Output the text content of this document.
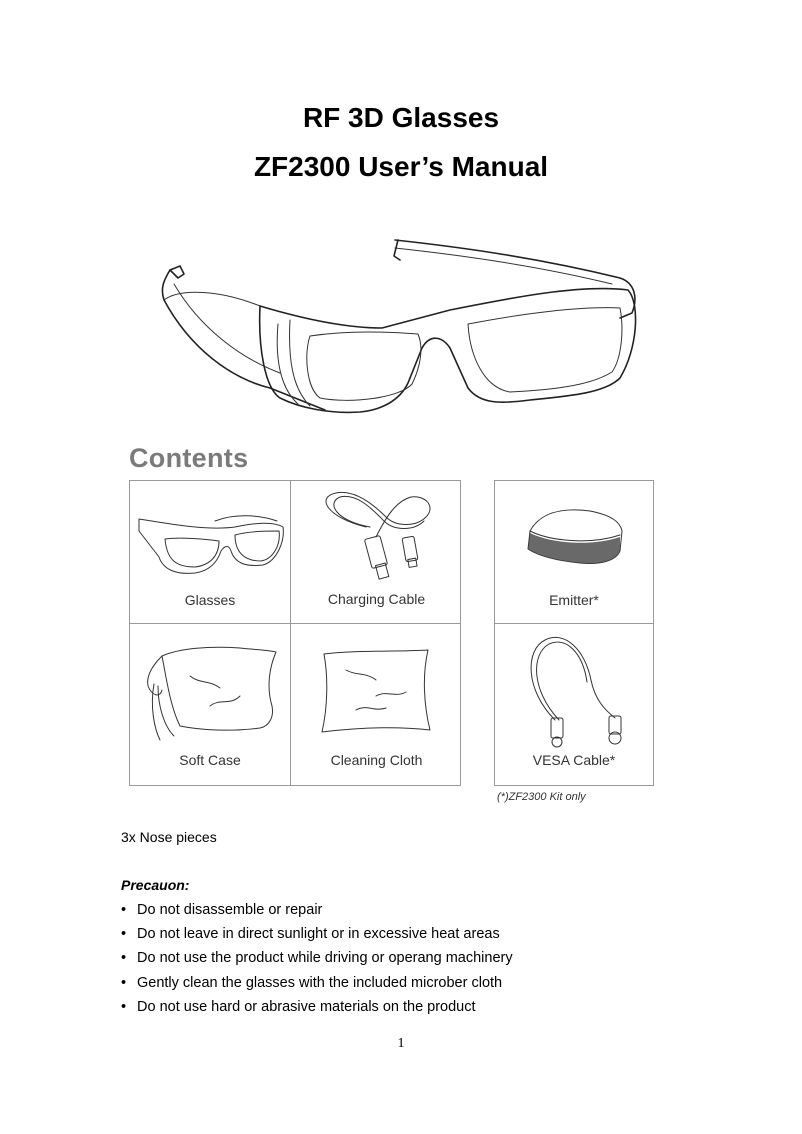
RF 3D Glasses
ZF2300 User’s Manual
Contents
Glasses	Charging Cable
Soft Case	Cleaning Cloth
Emitter*
VESA Cable*
(*)ZF2300 Kit only
3x Nose pieces
Precauon:
• Do not disassemble or repair
• Do not leave in direct sunlight or in excessive heat areas
• Do not use the product while driving or operang machinery
• Gently clean the glasses with the included microber cloth
• Do not use hard or abrasive materials on the product
1
